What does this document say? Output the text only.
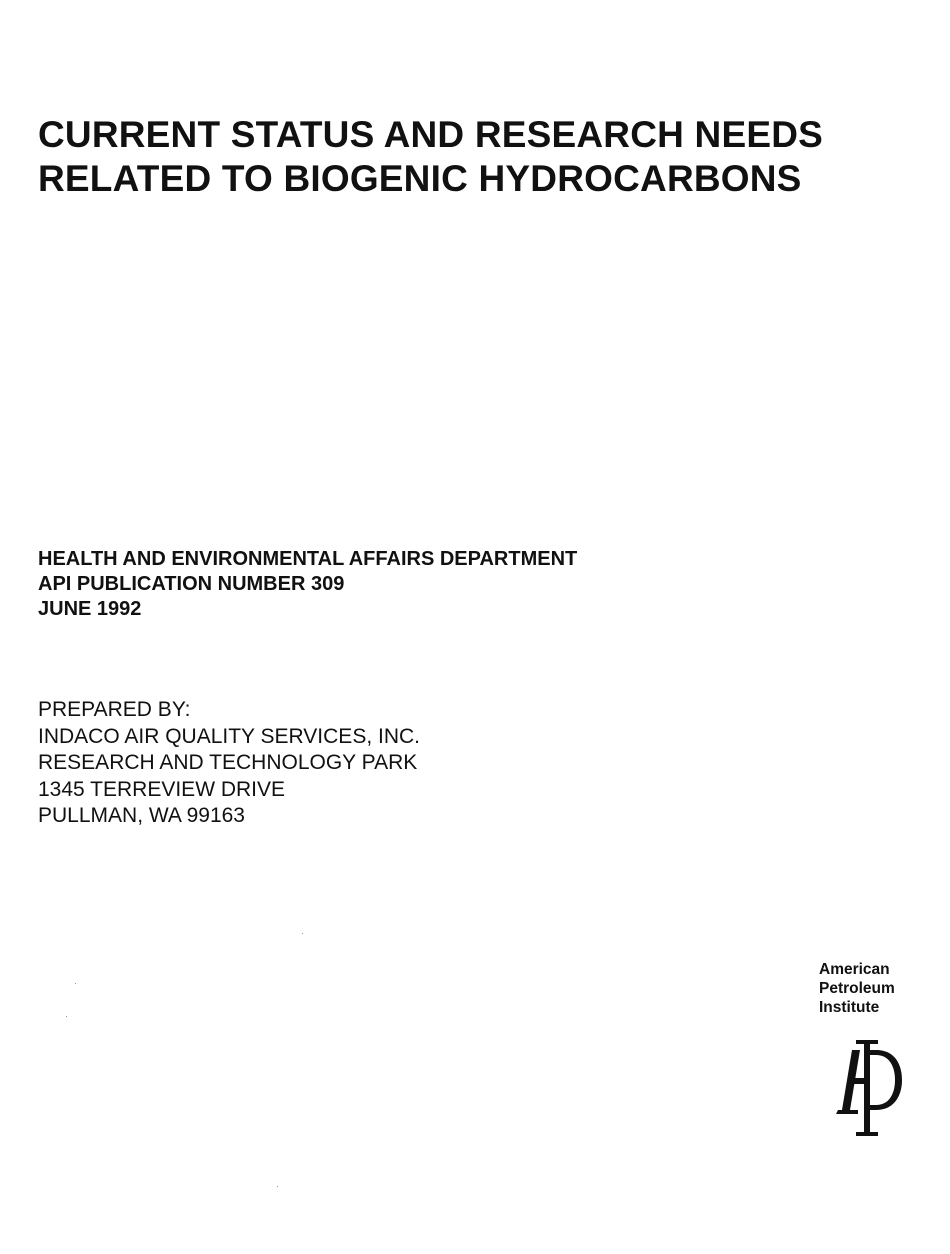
CURRENT STATUS AND RESEARCH NEEDS
RELATED TO BIOGENIC HYDROCARBONS
HEALTH AND ENVIRONMENTAL AFFAIRS DEPARTMENT
API PUBLICATION NUMBER 309
JUNE 1992
PREPARED BY:
INDACO AIR QUALITY SERVICES, INC.
RESEARCH AND TECHNOLOGY PARK
1345 TERREVIEW DRIVE
PULLMAN, WA 99163
American
Petroleum
Institute
